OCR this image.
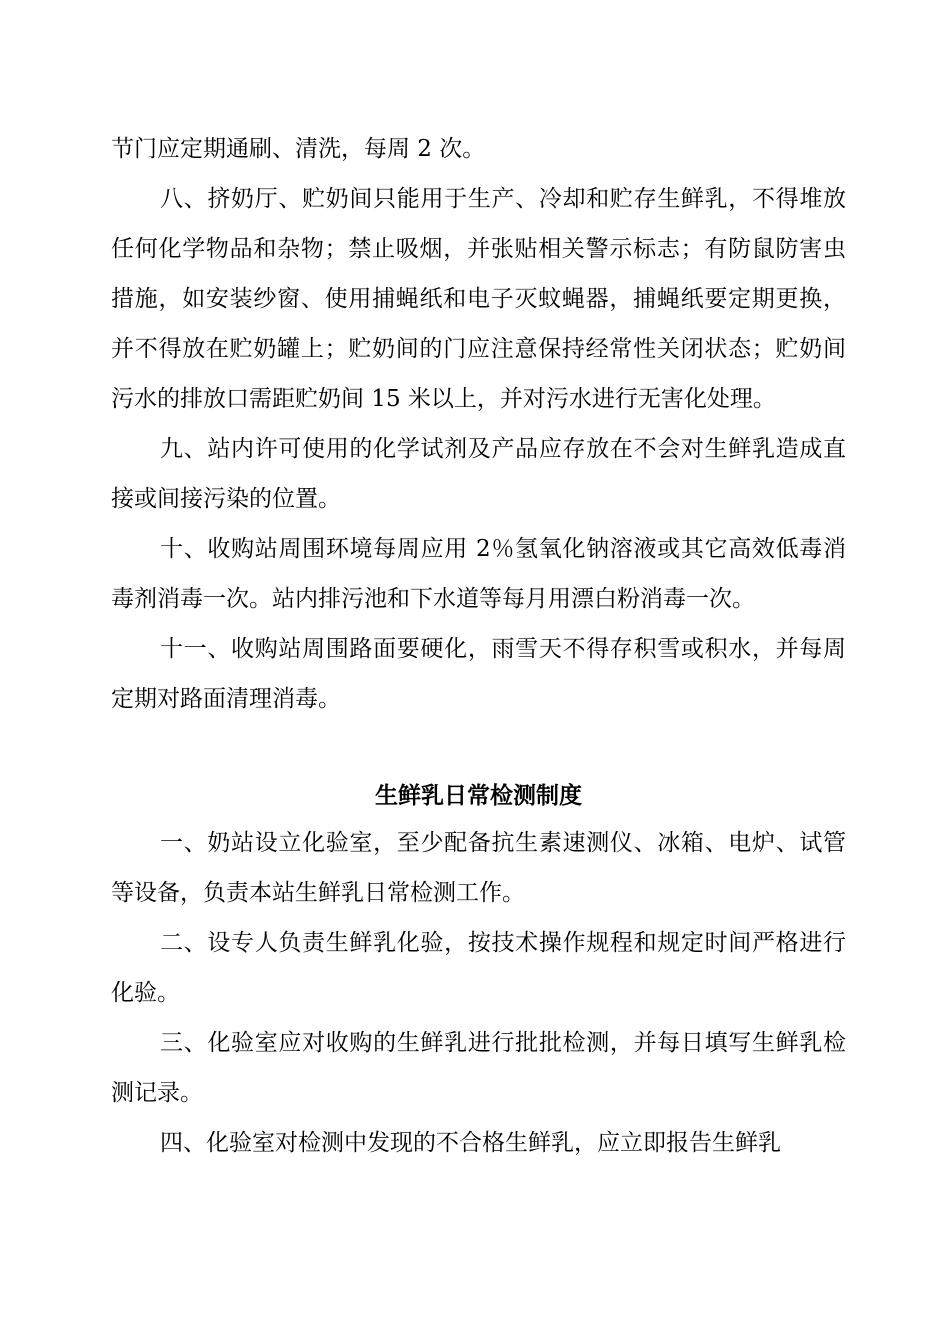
节门应定期通刷、清洗，每周 2 次。

八、挤奶厅、贮奶间只能用于生产、冷却和贮存生鲜乳，不得堆放任何化学物品和杂物；禁止吸烟，并张贴相关警示标志；有防鼠防害虫措施，如安装纱窗、使用捕蝇纸和电子灭蚊蝇器，捕蝇纸要定期更换，并不得放在贮奶罐上；贮奶间的门应注意保持经常性关闭状态；贮奶间污水的排放口需距贮奶间 15 米以上，并对污水进行无害化处理。

九、站内许可使用的化学试剂及产品应存放在不会对生鲜乳造成直接或间接污染的位置。

十、收购站周围环境每周应用 2％氢氧化钠溶液或其它高效低毒消毒剂消毒一次。站内排污池和下水道等每月用漂白粉消毒一次。

十一、收购站周围路面要硬化，雨雪天不得存积雪或积水，并每周定期对路面清理消毒。

生鲜乳日常检测制度

一、奶站设立化验室，至少配备抗生素速测仪、冰箱、电炉、试管等设备，负责本站生鲜乳日常检测工作。

二、设专人负责生鲜乳化验，按技术操作规程和规定时间严格进行化验。

三、化验室应对收购的生鲜乳进行批批检测，并每日填写生鲜乳检测记录。

四、化验室对检测中发现的不合格生鲜乳，应立即报告生鲜乳
